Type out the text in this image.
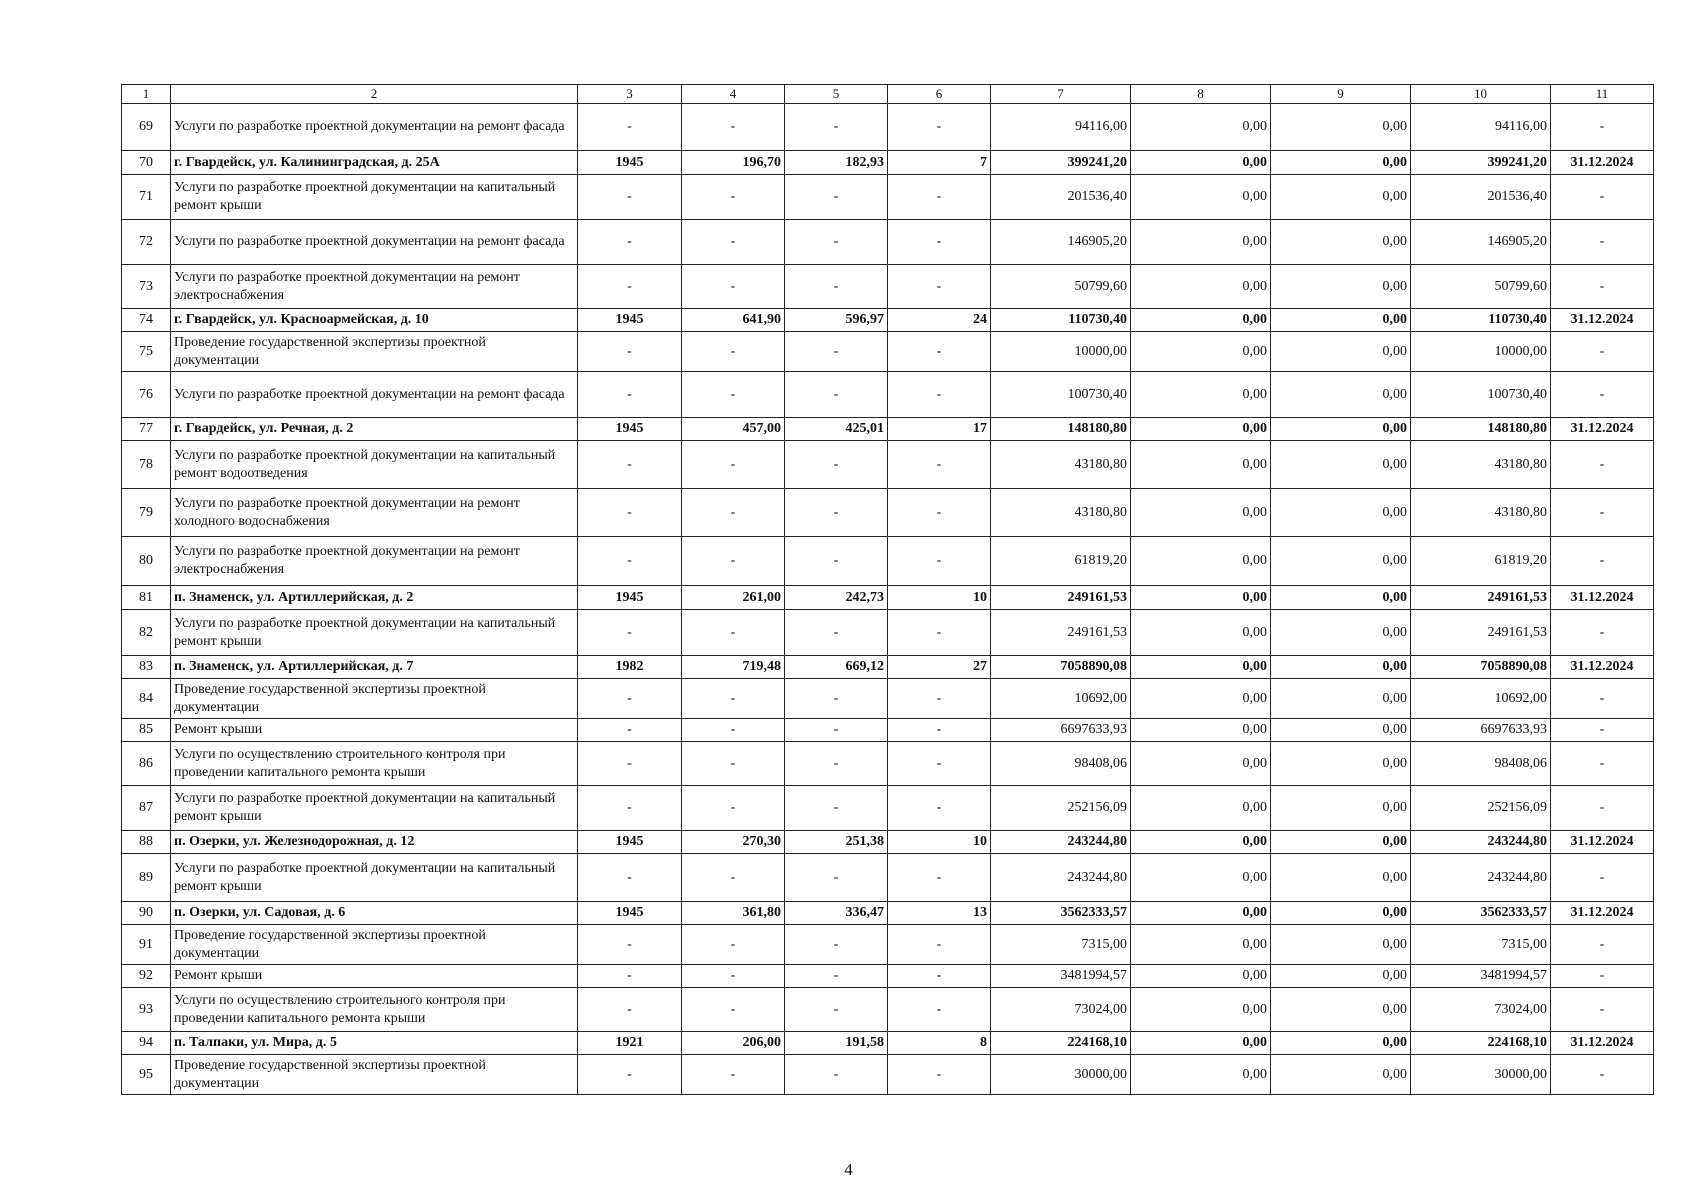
1	2	3	4	5	6	7	8	9	10	11
69	Услуги по разработке проектной документации на ремонт фасада	-	-	-	-	94116,00	0,00	0,00	94116,00	-
70	г. Гвардейск, ул. Калининградская, д. 25А	1945	196,70	182,93	7	399241,20	0,00	0,00	399241,20	31.12.2024
71	Услуги по разработке проектной документации на капитальный ремонт крыши	-	-	-	-	201536,40	0,00	0,00	201536,40	-
72	Услуги по разработке проектной документации на ремонт фасада	-	-	-	-	146905,20	0,00	0,00	146905,20	-
73	Услуги по разработке проектной документации на ремонт электроснабжения	-	-	-	-	50799,60	0,00	0,00	50799,60	-
74	г. Гвардейск, ул. Красноармейская, д. 10	1945	641,90	596,97	24	110730,40	0,00	0,00	110730,40	31.12.2024
75	Проведение государственной экспертизы проектной документации	-	-	-	-	10000,00	0,00	0,00	10000,00	-
76	Услуги по разработке проектной документации на ремонт фасада	-	-	-	-	100730,40	0,00	0,00	100730,40	-
77	г. Гвардейск, ул. Речная, д. 2	1945	457,00	425,01	17	148180,80	0,00	0,00	148180,80	31.12.2024
78	Услуги по разработке проектной документации на капитальный ремонт водоотведения	-	-	-	-	43180,80	0,00	0,00	43180,80	-
79	Услуги по разработке проектной документации на ремонт холодного водоснабжения	-	-	-	-	43180,80	0,00	0,00	43180,80	-
80	Услуги по разработке проектной документации на ремонт электроснабжения	-	-	-	-	61819,20	0,00	0,00	61819,20	-
81	п. Знаменск, ул. Артиллерийская, д. 2	1945	261,00	242,73	10	249161,53	0,00	0,00	249161,53	31.12.2024
82	Услуги по разработке проектной документации на капитальный ремонт крыши	-	-	-	-	249161,53	0,00	0,00	249161,53	-
83	п. Знаменск, ул. Артиллерийская, д. 7	1982	719,48	669,12	27	7058890,08	0,00	0,00	7058890,08	31.12.2024
84	Проведение государственной экспертизы проектной документации	-	-	-	-	10692,00	0,00	0,00	10692,00	-
85	Ремонт крыши	-	-	-	-	6697633,93	0,00	0,00	6697633,93	-
86	Услуги по осуществлению строительного контроля при проведении капитального ремонта крыши	-	-	-	-	98408,06	0,00	0,00	98408,06	-
87	Услуги по разработке проектной документации на капитальный ремонт крыши	-	-	-	-	252156,09	0,00	0,00	252156,09	-
88	п. Озерки, ул. Железнодорожная, д. 12	1945	270,30	251,38	10	243244,80	0,00	0,00	243244,80	31.12.2024
89	Услуги по разработке проектной документации на капитальный ремонт крыши	-	-	-	-	243244,80	0,00	0,00	243244,80	-
90	п. Озерки, ул. Садовая, д. 6	1945	361,80	336,47	13	3562333,57	0,00	0,00	3562333,57	31.12.2024
91	Проведение государственной экспертизы проектной документации	-	-	-	-	7315,00	0,00	0,00	7315,00	-
92	Ремонт крыши	-	-	-	-	3481994,57	0,00	0,00	3481994,57	-
93	Услуги по осуществлению строительного контроля при проведении капитального ремонта крыши	-	-	-	-	73024,00	0,00	0,00	73024,00	-
94	п. Талпаки, ул. Мира, д. 5	1921	206,00	191,58	8	224168,10	0,00	0,00	224168,10	31.12.2024
95	Проведение государственной экспертизы проектной документации	-	-	-	-	30000,00	0,00	0,00	30000,00	-
4
